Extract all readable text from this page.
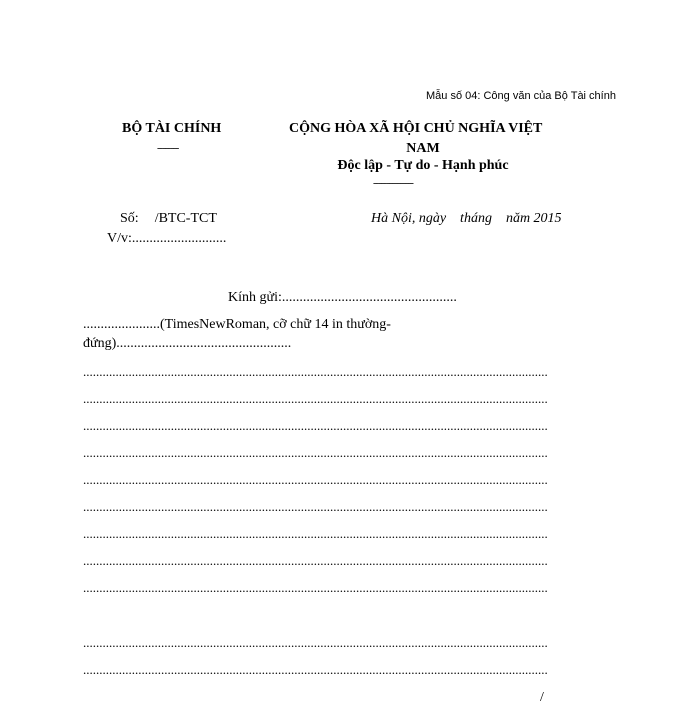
Mẫu số 04: Công văn của Bộ Tài chính
BỘ TÀI CHÍNH
--------
CỘNG HÒA XÃ HỘI CHỦ NGHĨA VIỆT
NAM
Độc lập - Tự do - Hạnh phúc
---------------
Số: /BTC-TCT	Hà Nội, ngày    tháng    năm 2015
V/v:...........................
Kính gửi:..................................................
......................(TimesNewRoman, cỡ chữ 14 in thường-
đứng)..................................................
...............................................................................................................................................
...............................................................................................................................................
...............................................................................................................................................
...............................................................................................................................................
...............................................................................................................................................
...............................................................................................................................................
...............................................................................................................................................
...............................................................................................................................................
...............................................................................................................................................
...............................................................................................................................................
...............................................................................................................................................
/
